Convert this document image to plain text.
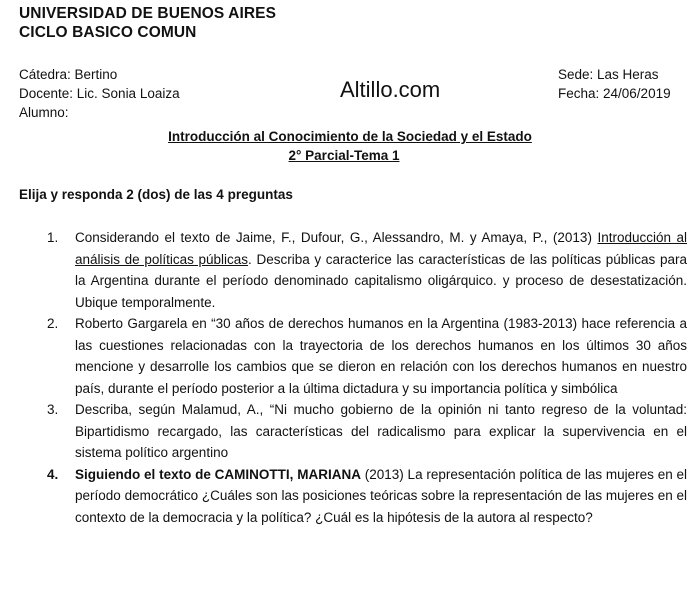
UNIVERSIDAD DE BUENOS AIRES
CICLO BASICO COMUN
Cátedra: Bertino
Docente: Lic. Sonia Loaiza
Alumno:
Altillo.com
Sede: Las Heras
Fecha: 24/06/2019
Introducción al Conocimiento de la Sociedad y el Estado
2° Parcial-Tema 1
Elija y responda 2 (dos) de las 4 preguntas
1. Considerando el texto de Jaime, F., Dufour, G., Alessandro, M. y Amaya, P., (2013) Introducción al análisis de políticas públicas. Describa y caracterice las características de las políticas públicas para la Argentina durante el período denominado capitalismo oligárquico. y proceso de desestatización. Ubique temporalmente.
2. Roberto Gargarela en “30 años de derechos humanos en la Argentina (1983-2013) hace referencia a las cuestiones relacionadas con la trayectoria de los derechos humanos en los últimos 30 años mencione y desarrolle los cambios que se dieron en relación con los derechos humanos en nuestro país, durante el período posterior a la última dictadura y su importancia política y simbólica
3. Describa, según Malamud, A., “Ni mucho gobierno de la opinión ni tanto regreso de la voluntad: Bipartidismo recargado, las características del radicalismo para explicar la supervivencia en el sistema político argentino
4. Siguiendo el texto de CAMINOTTI, MARIANA (2013) La representación política de las mujeres en el período democrático ¿Cuáles son las posiciones teóricas sobre la representación de las mujeres en el contexto de la democracia y la política? ¿Cuál es la hipótesis de la autora al respecto?
